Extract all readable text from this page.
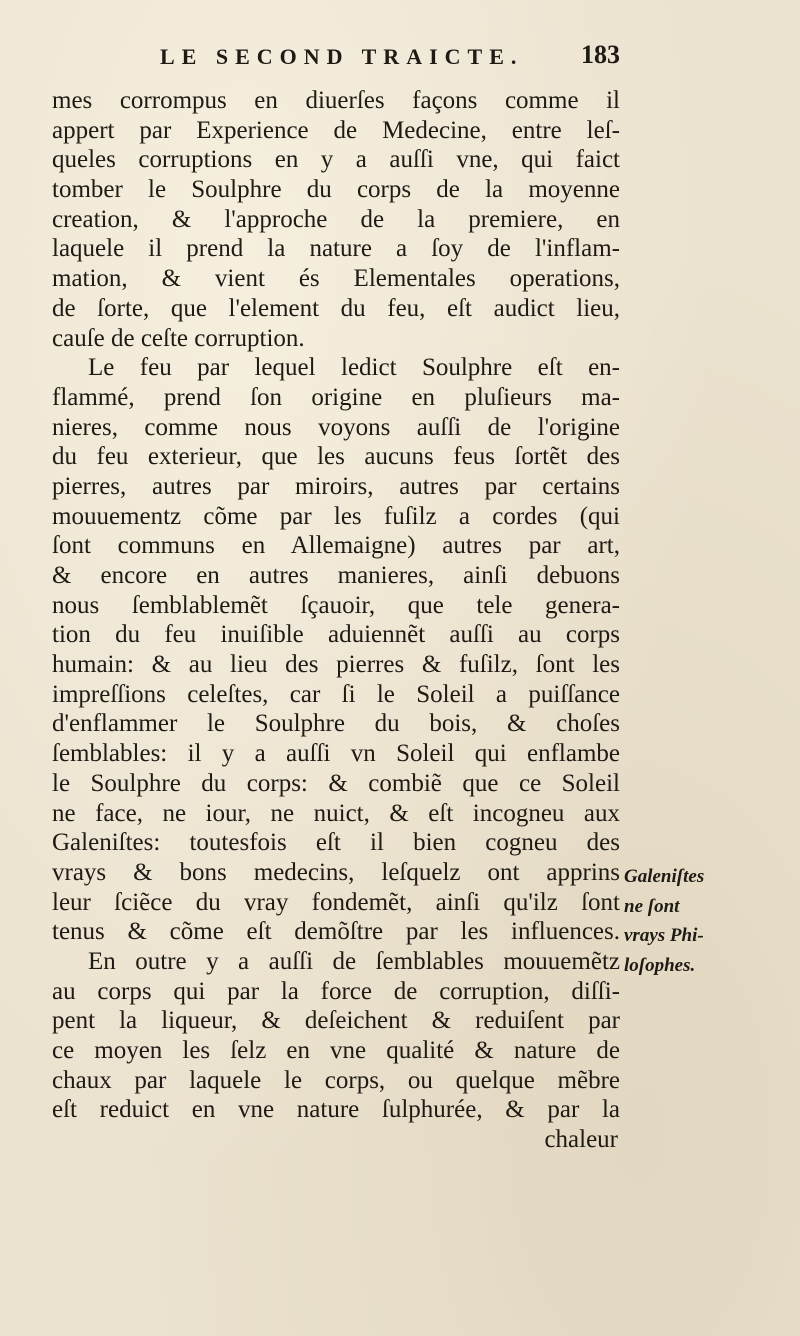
LE SECOND TRAICTE. 183
mes corrompus en diuerſes façons comme il
appert par Experience de Medecine, entre leſ-
queles corruptions en y a auſſi vne, qui faict
tomber le Soulphre du corps de la moyenne
creation, & l'approche de la premiere, en
laquele il prend la nature a ſoy de l'inflam-
mation, & vient és Elementales operations,
de ſorte, que l'element du feu, eſt audict lieu,
cauſe de ceſte corruption.
Le feu par lequel ledict Soulphre eſt en-
flammé, prend ſon origine en pluſieurs ma-
nieres, comme nous voyons auſſi de l'origine
du feu exterieur, que les aucuns feus ſortẽt des
pierres, autres par miroirs, autres par certains
mouuementz cõme par les fuſilz a cordes (qui
ſont communs en Allemaigne) autres par art,
& encore en autres manieres, ainſi debuons
nous ſemblablemẽt ſçauoir, que tele genera-
tion du feu inuiſible aduiennẽt auſſi au corps
humain: & au lieu des pierres & fuſilz, ſont les
impreſſions celeſtes, car ſi le Soleil a puiſſance
d'enflammer le Soulphre du bois, & choſes
ſemblables: il y a auſſi vn Soleil qui enflambe
le Soulphre du corps: & combiẽ que ce Soleil
ne face, ne iour, ne nuict, & eſt incogneu aux
Galeniſtes: toutesfois eſt il bien cogneu des
vrays & bons medecins, leſquelz ont apprins
leur ſciẽce du vray fondemẽt, ainſi qu'ilz ſont
tenus & cõme eſt demõſtre par les influences.
En outre y a auſſi de ſemblables mouuemẽtz
au corps qui par la force de corruption, diſſi-
pent la liqueur, & deſeichent & reduiſent par
ce moyen les ſelz en vne qualité & nature de
chaux par laquele le corps, ou quelque mẽbre
eſt reduict en vne nature ſulphurée, & par la
chaleur
Galeniſtes
ne ſont
vrays Phi-
loſophes.
